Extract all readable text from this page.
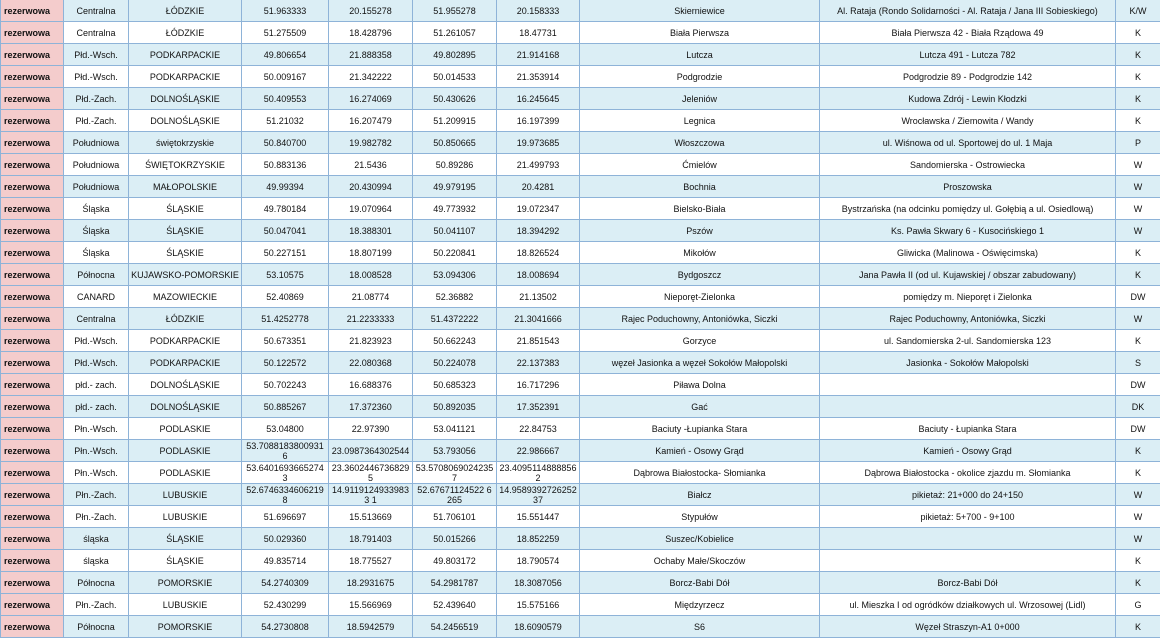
rezerwowa	Centralna	ŁÓDZKIE	51.963333	20.155278	51.955278	20.158333	Skierniewice	Al. Rataja (Rondo Solidarności - Al. Rataja / Jana III Sobieskiego)	K/W
rezerwowa	Centralna	ŁÓDZKIE	51.275509	18.428796	51.261057	18.47731	Biała Pierwsza	Biała Pierwsza 42 - Biała Rządowa 49	K
rezerwowa	Płd.-Wsch.	PODKARPACKIE	49.806654	21.888358	49.802895	21.914168	Lutcza	Lutcza 491 - Lutcza 782	K
rezerwowa	Płd.-Wsch.	PODKARPACKIE	50.009167	21.342222	50.014533	21.353914	Podgrodzie	Podgrodzie 89 - Podgrodzie 142	K
rezerwowa	Płd.-Zach.	DOLNOŚLĄSKIE	50.409553	16.274069	50.430626	16.245645	Jeleniów	Kudowa Zdrój - Lewin Kłodzki	K
rezerwowa	Płd.-Zach.	DOLNOŚLĄSKIE	51.21032	16.207479	51.209915	16.197399	Legnica	Wrocławska / Ziemowita / Wandy	K
rezerwowa	Południowa	świętokrzyskie	50.840700	19.982782	50.850665	19.973685	Włoszczowa	ul. Wiśnowa od ul. Sportowej do ul. 1 Maja	P
rezerwowa	Południowa	ŚWIĘTOKRZYSKIE	50.883136	21.5436	50.89286	21.499793	Ćmielów	Sandomierska - Ostrowiecka	W
rezerwowa	Południowa	MAŁOPOLSKIE	49.99394	20.430994	49.979195	20.4281	Bochnia	Proszowska	W
rezerwowa	Śląska	ŚLĄSKIE	49.780184	19.070964	49.773932	19.072347	Bielsko-Biała	Bystrzańska (na odcinku pomiędzy ul. Gołębią a ul. Osiedlową)	W
rezerwowa	Śląska	ŚLĄSKIE	50.047041	18.388301	50.041107	18.394292	Pszów	Ks. Pawła Skwary 6 - Kusocińskiego 1	W
rezerwowa	Śląska	ŚLĄSKIE	50.227151	18.807199	50.220841	18.826524	Mikołów	Gliwicka (Malinowa - Oświęcimska)	K
rezerwowa	Północna	KUJAWSKO-POMORSKIE	53.10575	18.008528	53.094306	18.008694	Bydgoszcz	Jana Pawła II (od ul. Kujawskiej / obszar zabudowany)	K
rezerwowa	CANARD	MAZOWIECKIE	52.40869	21.08774	52.36882	21.13502	Nieporęt-Zielonka	pomiędzy m. Nieporęt i Zielonka	DW
rezerwowa	Centralna	ŁÓDZKIE	51.4252778	21.2233333	51.4372222	21.3041666	Rajec Poduchowny, Antoniówka, Siczki	Rajec Poduchowny, Antoniówka, Siczki	W
rezerwowa	Płd.-Wsch.	PODKARPACKIE	50.673351	21.823923	50.662243	21.851543	Gorzyce	ul. Sandomierska 2-ul. Sandomierska 123	K
rezerwowa	Płd.-Wsch.	PODKARPACKIE	50.122572	22.080368	50.224078	22.137383	węzeł Jasionka a węzeł Sokołów Małopolski	Jasionka - Sokołów Małopolski	S
rezerwowa	płd.- zach.	DOLNOŚLĄSKIE	50.702243	16.688376	50.685323	16.717296	Piława Dolna		DW
rezerwowa	płd.- zach.	DOLNOŚLĄSKIE	50.885267	17.372360	50.892035	17.352391	Gać		DK
rezerwowa	Płn.-Wsch.	PODLASKIE	53.04800	22.97390	53.041121	22.84753	Baciuty -Łupianka Stara	Baciuty - Łupianka Stara	DW
rezerwowa	Płn.-Wsch.	PODLASKIE	53.70881838009316	23.0987364302544	53.793056	22.986667	Kamień - Osowy Grąd	Kamień - Osowy Grąd	K
rezerwowa	Płn.-Wsch.	PODLASKIE	53.64016936652743	23.3602446736829 5	53.57080690242357	23.40951148888562	Dąbrowa Białostocka- Słomianka	Dąbrowa Białostocka - okolice zjazdu m. Słomianka	K
rezerwowa	Płn.-Zach.	LUBUSKIE	52.67463346062198	14.91191249339833 1	52.67671124522 6265	14.958939272625237	Białcz	pikietaż: 21+000 do 24+150	W
rezerwowa	Płn.-Zach.	LUBUSKIE	51.696697	15.513669	51.706101	15.551447	Stypułów	pikietaż: 5+700 - 9+100	W
rezerwowa	śląska	ŚLĄSKIE	50.029360	18.791403	50.015266	18.852259	Suszec/Kobielice		W
rezerwowa	śląska	ŚLĄSKIE	49.835714	18.775527	49.803172	18.790574	Ochaby Małe/Skoczów		K
rezerwowa	Północna	POMORSKIE	54.2740309	18.2931675	54.2981787	18.3087056	Borcz-Babi Dół	Borcz-Babi Dół	K
rezerwowa	Płn.-Zach.	LUBUSKIE	52.430299	15.566969	52.439640	15.575166	Międzyrzecz	ul. Mieszka I od ogródków działkowych ul. Wrzosowej (Lidl)	G
rezerwowa	Północna	POMORSKIE	54.2730808	18.5942579	54.2456519	18.6090579	S6	Węzeł Straszyn-A1 0+000	K
